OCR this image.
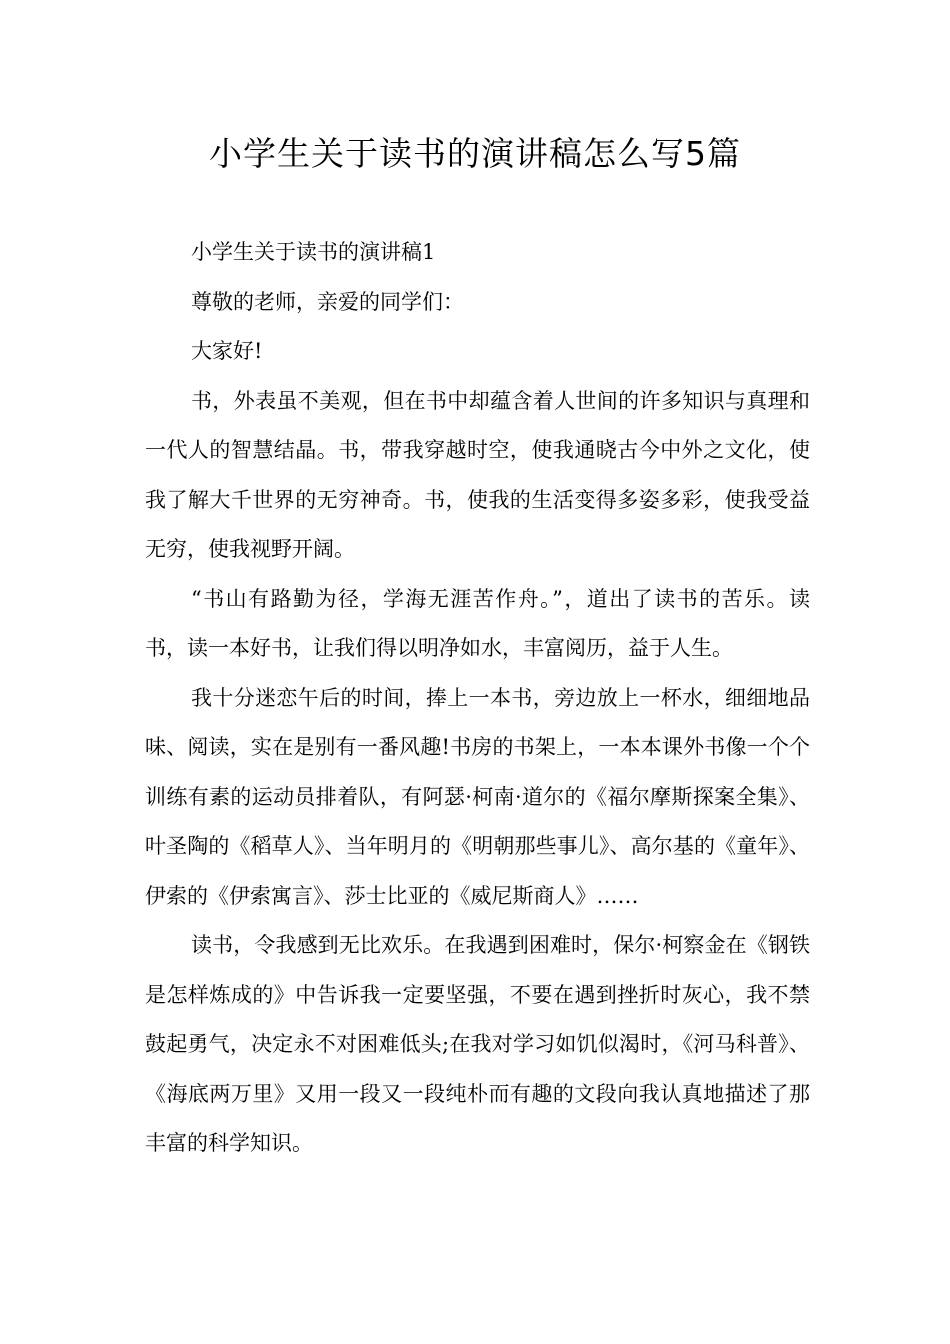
小学生关于读书的演讲稿怎么写5篇

小学生关于读书的演讲稿1

尊敬的老师，亲爱的同学们：

大家好!

书，外表虽不美观，但在书中却蕴含着人世间的许多知识与真理和一代人的智慧结晶。书，带我穿越时空，使我通晓古今中外之文化，使我了解大千世界的无穷神奇。书，使我的生活变得多姿多彩，使我受益无穷，使我视野开阔。

“书山有路勤为径，学海无涯苦作舟。”，道出了读书的苦乐。读书，读一本好书，让我们得以明净如水，丰富阅历，益于人生。

我十分迷恋午后的时间，捧上一本书，旁边放上一杯水，细细地品味、阅读，实在是别有一番风趣!书房的书架上，一本本课外书像一个个训练有素的运动员排着队，有阿瑟·柯南·道尔的《福尔摩斯探案全集》、叶圣陶的《稻草人》、当年明月的《明朝那些事儿》、高尔基的《童年》、伊索的《伊索寓言》、莎士比亚的《威尼斯商人》……

读书，令我感到无比欢乐。在我遇到困难时，保尔·柯察金在《钢铁是怎样炼成的》中告诉我一定要坚强，不要在遇到挫折时灰心，我不禁鼓起勇气，决定永不对困难低头;在我对学习如饥似渴时，《河马科普》、《海底两万里》又用一段又一段纯朴而有趣的文段向我认真地描述了那丰富的科学知识。
